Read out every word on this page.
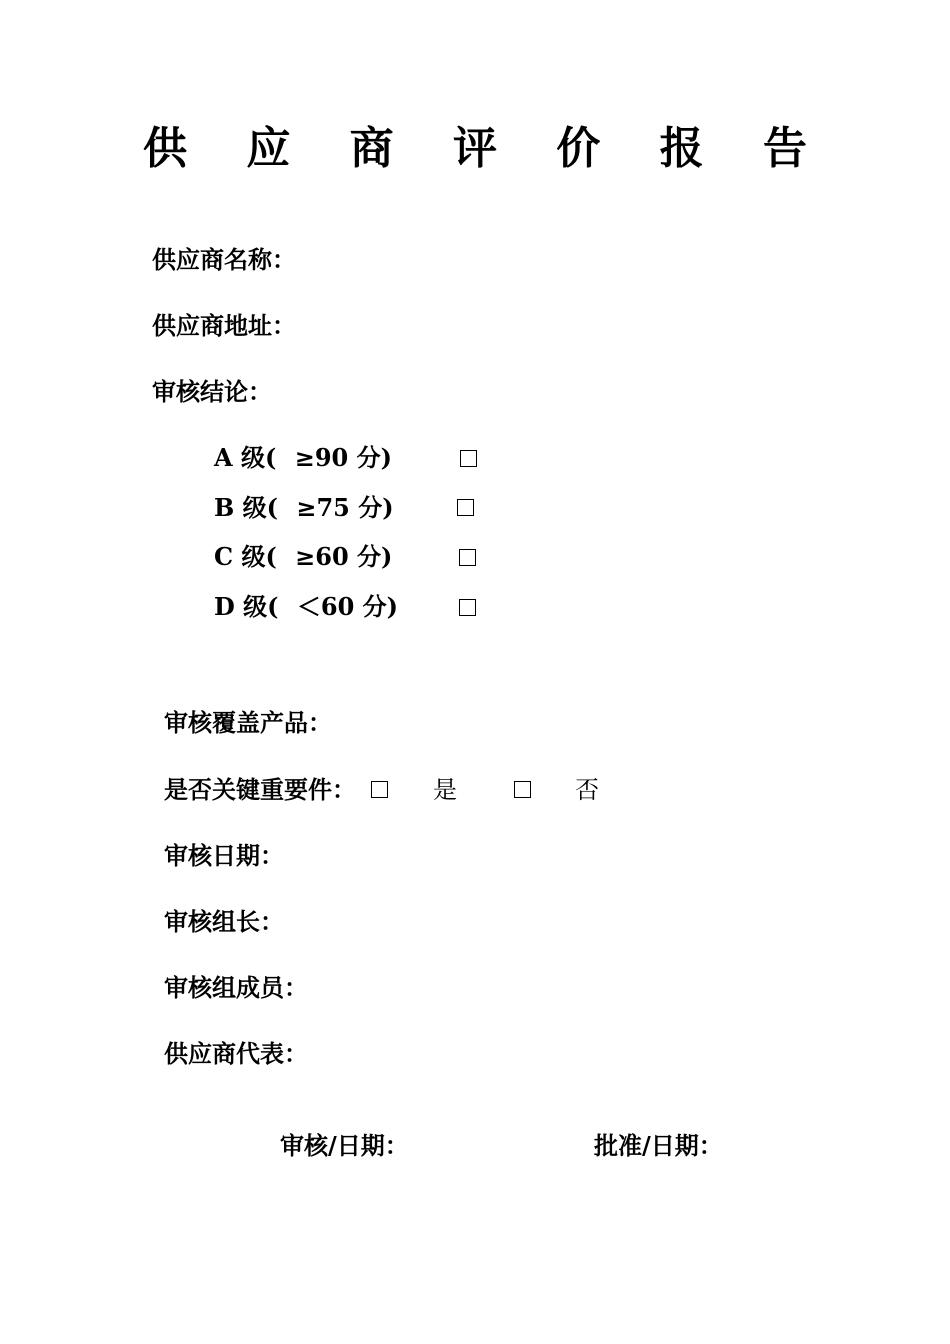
供 应 商 评 价 报 告
供应商名称：
供应商地址：
审核结论：
A 级( ≥90 分)
B 级( ≥75 分)
C 级( ≥60 分)
D 级( ＜60 分)
审核覆盖产品：
是否关键重要件：	是	否
审核日期：
审核组长：
审核组成员：
供应商代表：
审核/日期：	批准/日期：
